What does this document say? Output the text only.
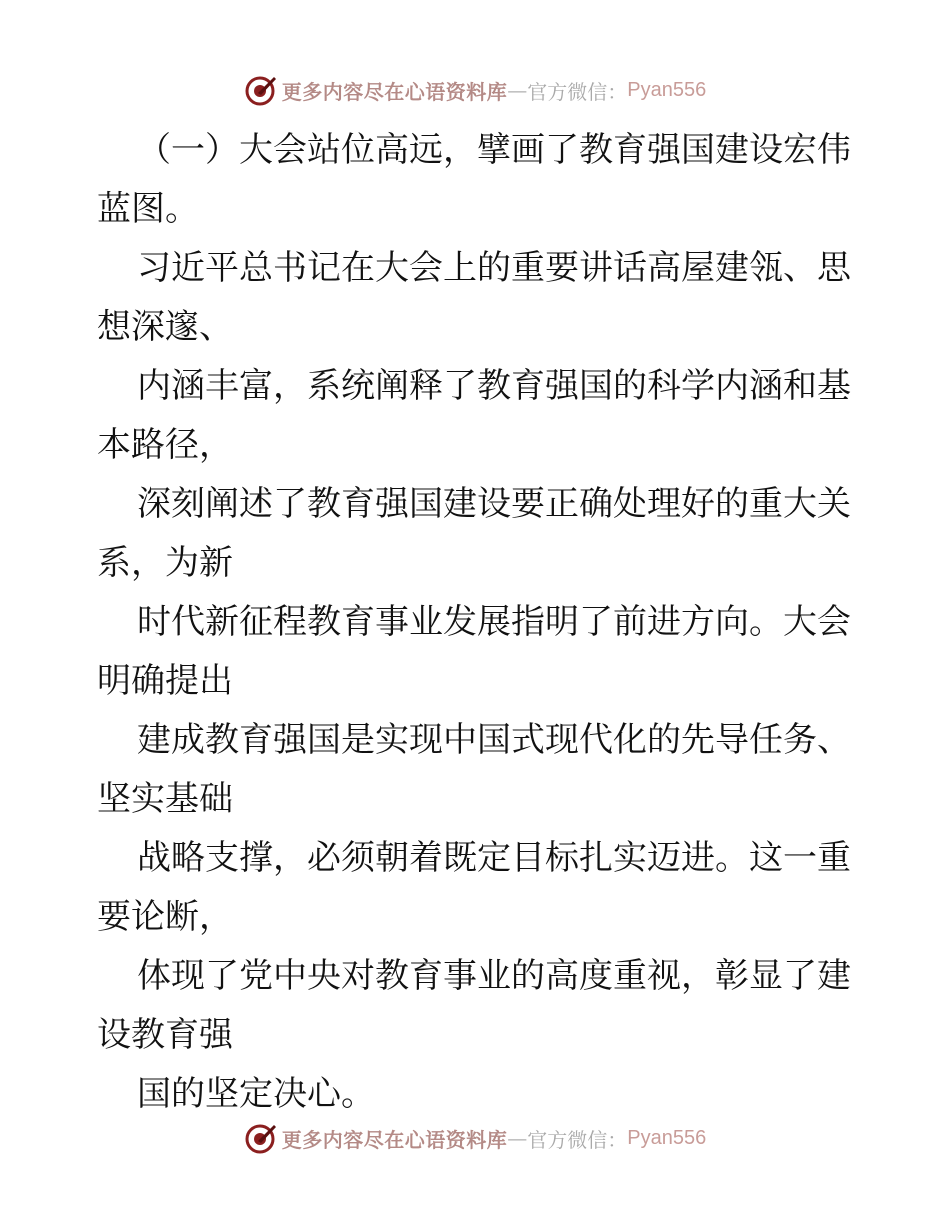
更多内容尽在心语资料库 — 官方微信： Pyan556

（一）大会站位高远，擘画了教育强国建设宏伟蓝图。

习近平总书记在大会上的重要讲话高屋建瓴、思想深邃、

内涵丰富，系统阐释了教育强国的科学内涵和基本路径，

深刻阐述了教育强国建设要正确处理好的重大关系，为新

时代新征程教育事业发展指明了前进方向。大会明确提出

建成教育强国是实现中国式现代化的先导任务、坚实基础

战略支撑，必须朝着既定目标扎实迈进。这一重要论断，

体现了党中央对教育事业的高度重视，彰显了建设教育强

国的坚定决心。

更多内容尽在心语资料库 — 官方微信： Pyan556
